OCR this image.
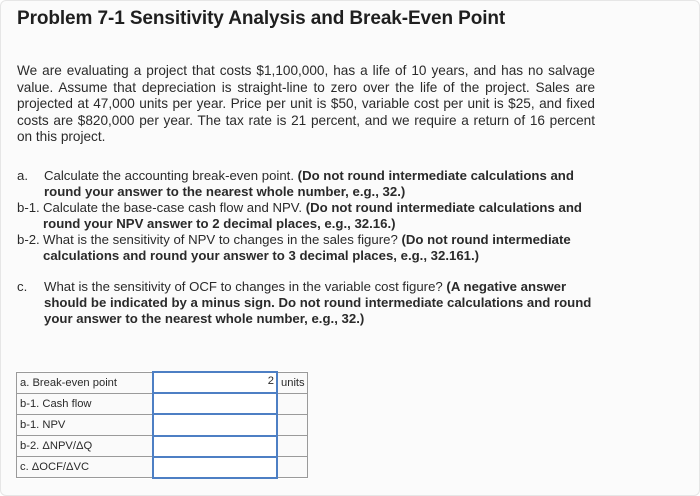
Problem 7-1 Sensitivity Analysis and Break-Even Point
We are evaluating a project that costs $1,100,000, has a life of 10 years, and has no salvage value. Assume that depreciation is straight-line to zero over the life of the project. Sales are projected at 47,000 units per year. Price per unit is $50, variable cost per unit is $25, and fixed costs are $820,000 per year. The tax rate is 21 percent, and we require a return of 16 percent on this project.
a. Calculate the accounting break-even point. (Do not round intermediate calculations and round your answer to the nearest whole number, e.g., 32.)
b-1. Calculate the base-case cash flow and NPV. (Do not round intermediate calculations and round your NPV answer to 2 decimal places, e.g., 32.16.)
b-2. What is the sensitivity of NPV to changes in the sales figure? (Do not round intermediate calculations and round your answer to 3 decimal places, e.g., 32.161.)
c. What is the sensitivity of OCF to changes in the variable cost figure? (A negative answer should be indicated by a minus sign. Do not round intermediate calculations and round your answer to the nearest whole number, e.g., 32.)
a. Break-even point	2	units
b-1. Cash flow	

b-1. NPV	

b-2. ΔNPV/ΔQ	

c. ΔOCF/ΔVC	
